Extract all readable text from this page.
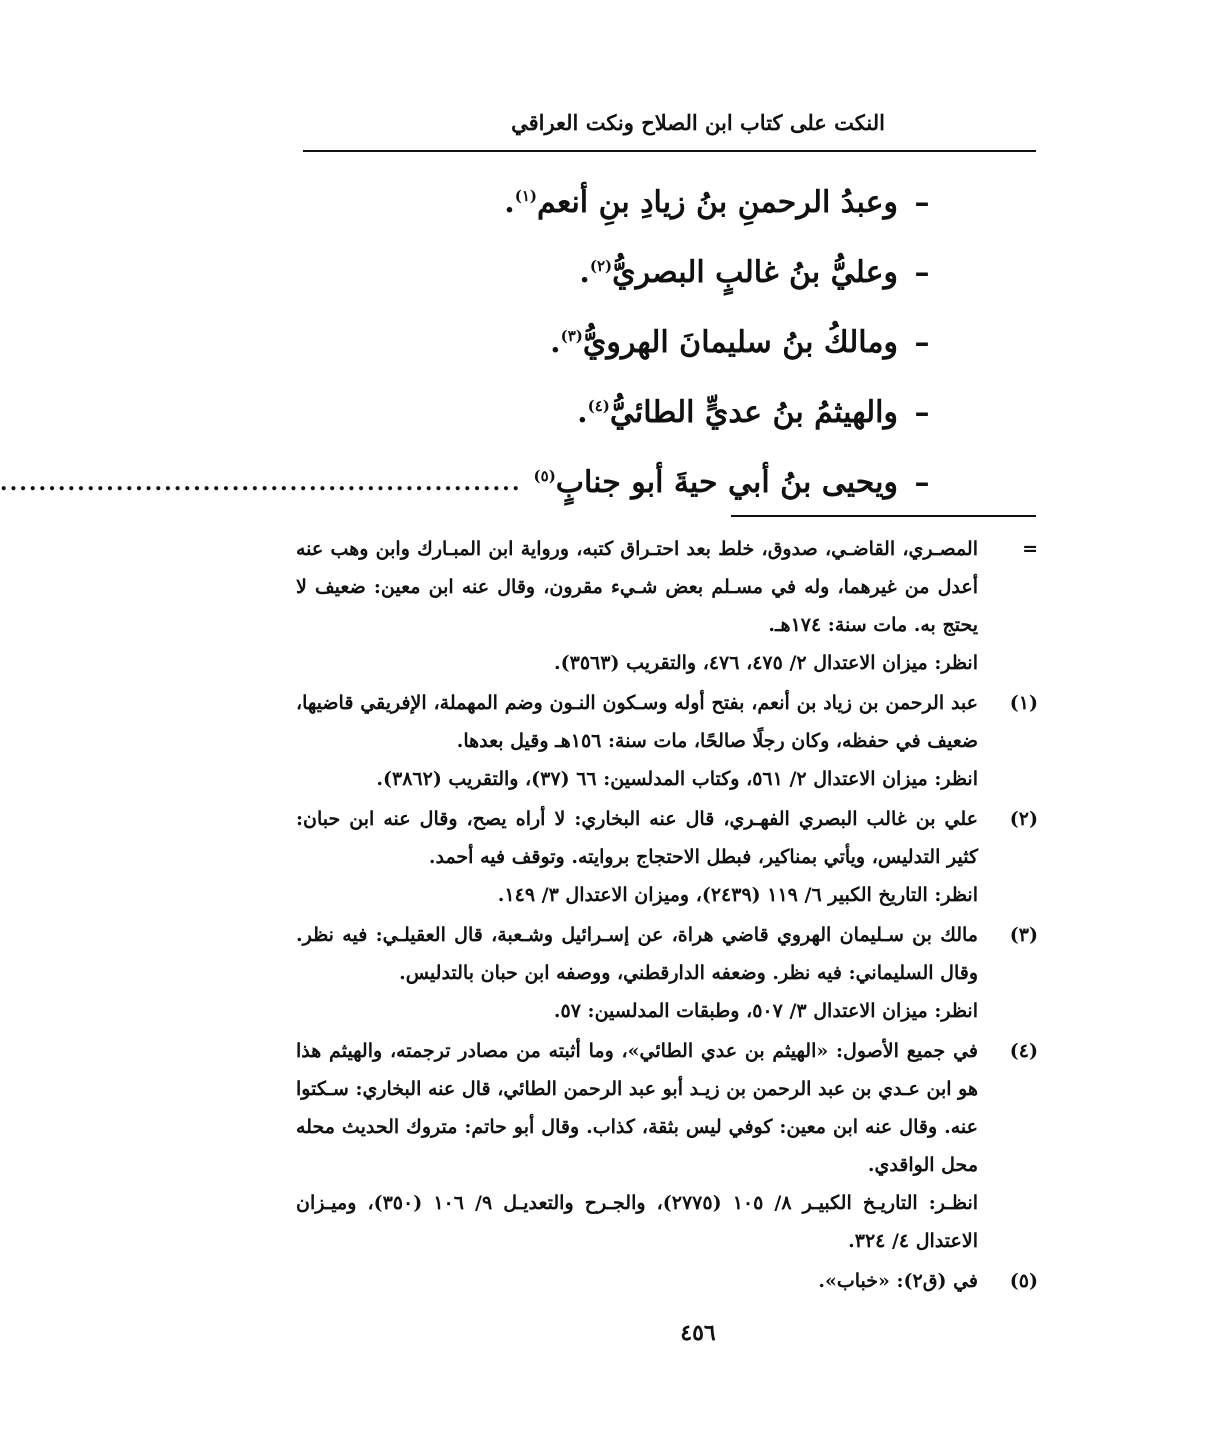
النكت على كتاب ابن الصلاح ونكت العراقي
–
وعبدُ الرحمنِ بنُ زيادِ بنِ أنعم$^{(١)}$.
–
وعليُّ بنُ غالبٍ البصريُّ$^{(٢)}$.
–
ومالكُ بنُ سليمانَ الهرويُّ$^{(٣)}$.
–
والهيثمُ بنُ عديٍّ الطائيُّ$^{(٤)}$.
–
ويحيى بنُ أبي حيةَ أبو جنابٍ$^{(٥)}$
......................................................
=

المصـري، القاضـي، صدوق، خلط بعد احتـراق كتبه، ورواية ابن المبـارك وابن وهب عنه أعدل من غيرهما، وله في مسـلم بعض شـيء مقرون، وقال عنه ابن معين: ضعيف لا يحتج به. مات سنة: ١٧٤هـ.

انظر: ميزان الاعتدال ٢/ ٤٧٥، ٤٧٦، والتقريب (٣٥٦٣).

(١)

عبد الرحمن بن زياد بن أنعم، بفتح أوله وسـكون النـون وضم المهملة، الإفريقي قاضيها، ضعيف في حفظه، وكان رجلًا صالحًا، مات سنة: ١٥٦هـ وقيل بعدها.

انظر: ميزان الاعتدال ٢/ ٥٦١، وكتاب المدلسين: ٦٦ (٣٧)، والتقريب (٣٨٦٢).

(٢)

علي بن غالب البصري الفهـري، قال عنه البخاري: لا أراه يصح، وقال عنه ابن حبان: كثير التدليس، ويأتي بمناكير، فبطل الاحتجاج بروايته. وتوقف فيه أحمد.

انظر: التاريخ الكبير ٦/ ١١٩ (٢٤٣٩)، وميزان الاعتدال ٣/ ١٤٩.

(٣)

مالك بن سـليمان الهروي قاضي هراة، عن إسـرائيل وشـعبة، قال العقيلـي: فيه نظر. وقال السليماني: فيه نظر. وضعفه الدارقطني، ووصفه ابن حبان بالتدليس.

انظر: ميزان الاعتدال ٣/ ٥٠٧، وطبقات المدلسين: ٥٧.

(٤)

في جميع الأصول: «الهيثم بن عدي الطائي»، وما أثبته من مصادر ترجمته، والهيثم هذا هو ابن عـدي بن عبد الرحمن بن زيـد أبو عبد الرحمن الطائي، قال عنه البخاري: سـكتوا عنه. وقال عنه ابن معين: كوفي ليس بثقة، كذاب. وقال أبو حاتم: متروك الحديث محله محل الواقدي.

انظـر: التاريـخ الكبيـر ٨/ ١٠٥ (٢٧٧٥)، والجـرح والتعديـل ٩/ ١٠٦ (٣٥٠)، وميـزان الاعتدال ٤/ ٣٢٤.

(٥)

في (ق٢): «خباب».

٤٥٦
